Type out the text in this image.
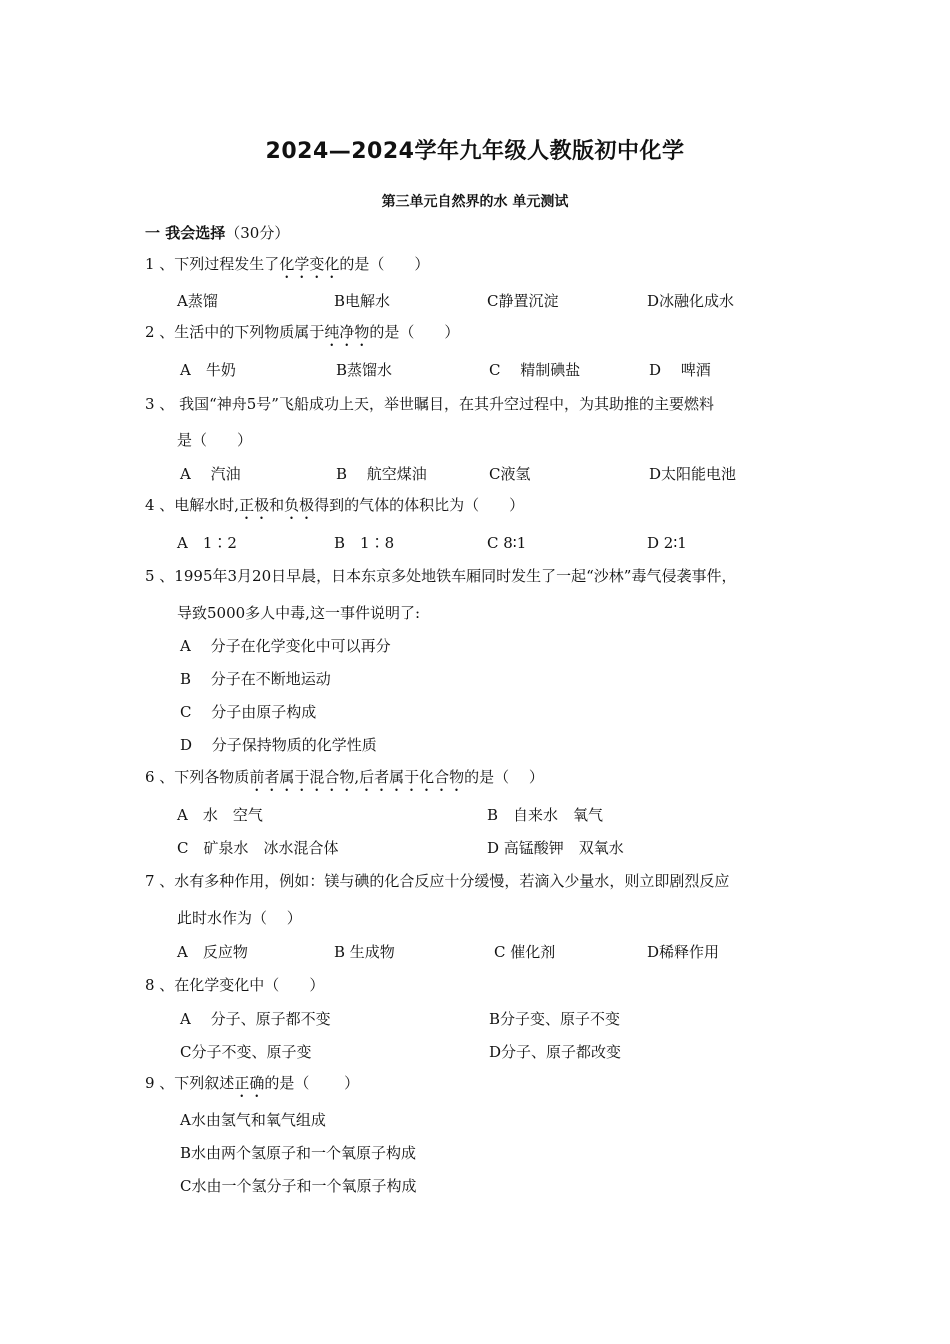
2024—2024学年九年级人教版初中化学
第三单元自然界的水 单元测试
一 我会选择（30分）
1 、下列过程发生了化学变化的是（　　）
A蒸馏	B电解水	C静置沉淀	D冰融化成水
2 、生活中的下列物质属于纯净物的是（　　）
A　牛奶	B蒸馏水	C　 精制碘盐	D　 啤酒
3 、 我国“神舟5号”飞船成功上天，举世瞩目，在其升空过程中，为其助推的主要燃料
是（　　）
A　 汽油	B　 航空煤油	C液氢	D太阳能电池
4 、电解水时,正极和负极得到的气体的体积比为（　　）
A　1∶2	B　1∶8	C 8∶1	D 2∶1
5 、1995年3月20日早晨，日本东京多处地铁车厢同时发生了一起“沙林”毒气侵袭事件，
导致5000多人中毒,这一事件说明了:
A　 分子在化学变化中可以再分
B　 分子在不断地运动
C　 分子由原子构成
D　 分子保持物质的化学性质
6 、下列各物质前者属于混合物,后者属于化合物的是（　 ）
A　水　空气	B　自来水　氧气
C　矿泉水　冰水混合体	D 高锰酸钾　双氧水
7 、水有多种作用，例如：镁与碘的化合反应十分缓慢，若滴入少量水，则立即剧烈反应
此时水作为（　 ）
A　反应物	B 生成物	C 催化剂	D稀释作用
8 、在化学变化中（　　）
A　 分子、原子都不变	B分子变、原子不变
C分子不变、原子变	D分子、原子都改变
9 、下列叙述正确的是（　　 ）
A水由氢气和氧气组成
B水由两个氢原子和一个氧原子构成
C水由一个氢分子和一个氧原子构成
